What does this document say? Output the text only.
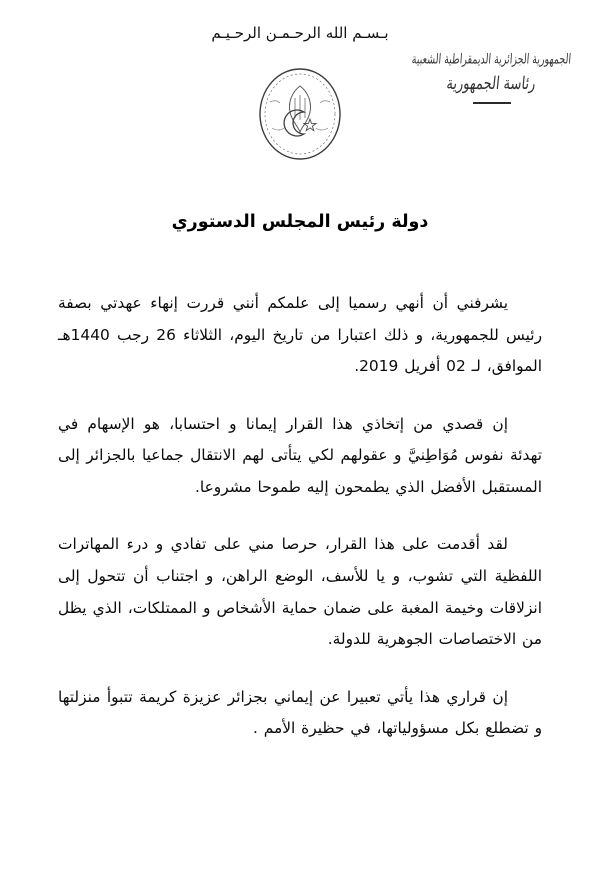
بـسـم الله الرحـمـن الرحـيـم
الجمهورية الجزائرية الديمقراطية الشعبية
رئاسة الجمهورية
دولة رئيس المجلس الدستوري

يشرفني أن أنهي رسميا إلى علمكم أنني قررت إنهاء عهدتي بصفة رئيس للجمهورية، و ذلك اعتبارا من تاريخ اليوم، الثلاثاء 26 رجب 1440هـ الموافق، لـ 02 أفريل 2019.

إن قصدي من إتخاذي هذا القرار إيمانا و احتسابا، هو الإسهام في تهدئة نفوس مُوَاطِنيَّ و عقولهم لكي يتأتى لهم الانتقال جماعيا بالجزائر إلى المستقبل الأفضل الذي يطمحون إليه طموحا مشروعا.

لقد أقدمت على هذا القرار، حرصا مني على تفادي و درء المهاترات اللفظية التي تشوب، و يا للأسف، الوضع الراهن، و اجتناب أن تتحول إلى انزلاقات وخيمة المغبة على ضمان حماية الأشخاص و الممتلكات، الذي يظل من الاختصاصات الجوهرية للدولة.

إن قراري هذا يأتي تعبيرا عن إيماني بجزائر عزيزة كريمة تتبوأ منزلتها و تضطلع بكل مسؤولياتها، في حظيرة الأمم .
